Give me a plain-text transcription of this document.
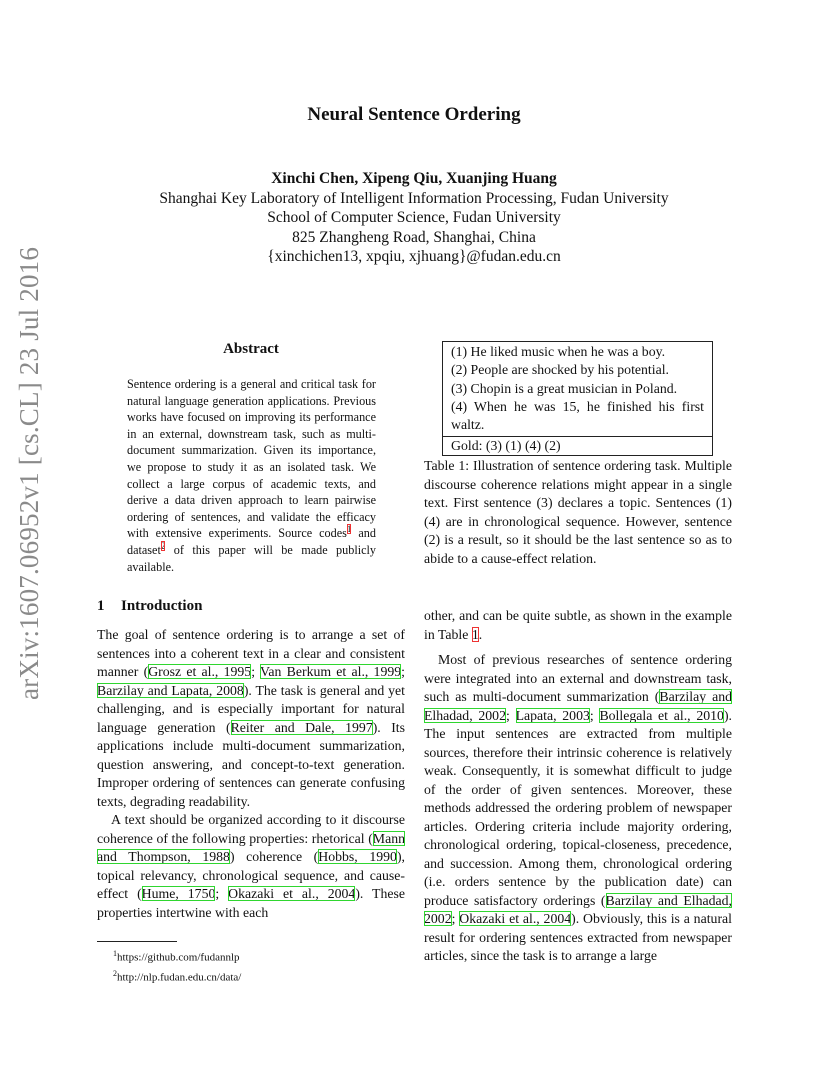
arXiv:1607.06952v1 [cs.CL] 23 Jul 2016
Neural Sentence Ordering
Xinchi Chen, Xipeng Qiu, Xuanjing Huang
Shanghai Key Laboratory of Intelligent Information Processing, Fudan University
School of Computer Science, Fudan University
825 Zhangheng Road, Shanghai, China
{xinchichen13, xpqiu, xjhuang}@fudan.edu.cn
Abstract
Sentence ordering is a general and critical task for natural language generation applications. Previous works have focused on improving its performance in an external, downstream task, such as multi-document summarization. Given its importance, we propose to study it as an isolated task. We collect a large corpus of academic texts, and derive a data driven approach to learn pairwise ordering of sentences, and validate the efficacy with extensive experiments. Source codes$^1$ and dataset$^2$ of this paper will be made publicly available.
(1) He liked music when he was a boy.
(2) People are shocked by his potential.
(3) Chopin is a great musician in Poland.
(4) When he was 15, he finished his first waltz.
Gold: (3) (1) (4) (2)
Table 1: Illustration of sentence ordering task. Multiple discourse coherence relations might appear in a single text. First sentence (3) declares a topic. Sentences (1) (4) are in chronological sequence. However, sentence (2) is a result, so it should be the last sentence so as to abide to a cause-effect relation.
1 Introduction

The goal of sentence ordering is to arrange a set of sentences into a coherent text in a clear and consistent manner (Grosz et al., 1995; Van Berkum et al., 1999; Barzilay and Lapata, 2008). The task is general and yet challenging, and is especially important for natural language generation (Reiter and Dale, 1997). Its applications include multi-document summarization, question answering, and concept-to-text generation. Improper ordering of sentences can generate confusing texts, degrading readability.

A text should be organized according to it discourse coherence of the following properties: rhetorical (Mann and Thompson, 1988) coherence (Hobbs, 1990), topical relevancy, chronological sequence, and cause-effect (Hume, 1750; Okazaki et al., 2004). These properties intertwine with each

other, and can be quite subtle, as shown in the example in Table 1.

Most of previous researches of sentence ordering were integrated into an external and downstream task, such as multi-document summarization (Barzilay and Elhadad, 2002; Lapata, 2003; Bollegala et al., 2010). The input sentences are extracted from multiple sources, therefore their intrinsic coherence is relatively weak. Consequently, it is somewhat difficult to judge of the order of given sentences. Moreover, these methods addressed the ordering problem of newspaper articles. Ordering criteria include majority ordering, chronological ordering, topical-closeness, precedence, and succession. Among them, chronological ordering (i.e. orders sentence by the publication date) can produce satisfactory orderings (Barzilay and Elhadad, 2002; Okazaki et al., 2004). Obviously, this is a natural result for ordering sentences extracted from newspaper articles, since the task is to arrange a large

$^1$https://github.com/fudannlp
$^2$http://nlp.fudan.edu.cn/data/
